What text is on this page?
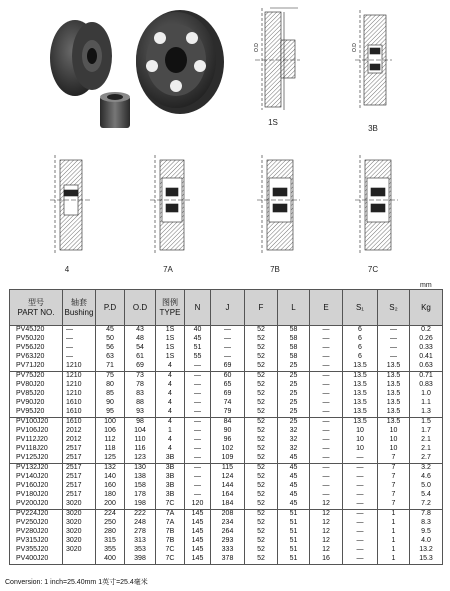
O.D	O.D
1S
3B
4	7A	7B	7C
mm
型号
PART NO.	轴套
Bushing	P.D	O.D	图例
TYPE	N	J	F	L	E	S₁	S₂	Kg

PV45J20	—	45	43	1S	40	—	52	58	—	6	—	0.2
PV50J20	—	50	48	1S	45	—	52	58	—	6	—	0.26
PV56J20	—	56	54	1S	51	—	52	58	—	6	—	0.33
PV63J20	—	63	61	1S	55	—	52	58	—	6	—	0.41
PV71J20	1210	71	69	4	—	69	52	25	—	13.5	13.5	0.63
PV75J20	1210	75	73	4	—	60	52	25	—	13.5	13.5	0.71
PV80J20	1210	80	78	4	—	65	52	25	—	13.5	13.5	0.83
PV85J20	1210	85	83	4	—	69	52	25	—	13.5	13.5	1.0
PV90J20	1610	90	88	4	—	74	52	25	—	13.5	13.5	1.1
PV95J20	1610	95	93	4	—	79	52	25	—	13.5	13.5	1.3
PV100J20	1610	100	98	4	—	84	52	25	—	13.5	13.5	1.5
PV106J20	2012	106	104	1	—	90	52	32	—	10	10	1.7
PV112J20	2012	112	110	4	—	96	52	32	—	10	10	2.1
PV118J20	2517	118	116	4	—	102	52	32	—	10	10	2.1
PV125J20	2517	125	123	3B	—	109	52	45	—	—	7	2.7
PV132J20	2517	132	130	3B	—	115	52	45	—	—	7	3.2
PV140J20	2517	140	138	3B	—	124	52	45	—	—	7	4.6
PV160J20	2517	160	158	3B	—	144	52	45	—	—	7	5.0
PV180J20	2517	180	178	3B	—	164	52	45	—	—	7	5.4
PV200J20	3020	200	198	7C	120	184	52	45	12	—	7	7.2
PV224J20	3020	224	222	7A	145	208	52	51	12	—	1	7.8
PV250J20	3020	250	248	7A	145	234	52	51	12	—	1	8.3
PV280J20	3020	280	278	7B	145	264	52	51	12	—	1	9.5
PV315J20	3020	315	313	7B	145	293	52	51	12	—	1	4.0
PV355J20	3020	355	353	7C	145	333	52	51	12	—	1	13.2
PV400J20		400	398	7C	145	378	52	51	16	—	1	15.3
Conversion: 1 inch=25.40mm 1英寸=25.4毫米
